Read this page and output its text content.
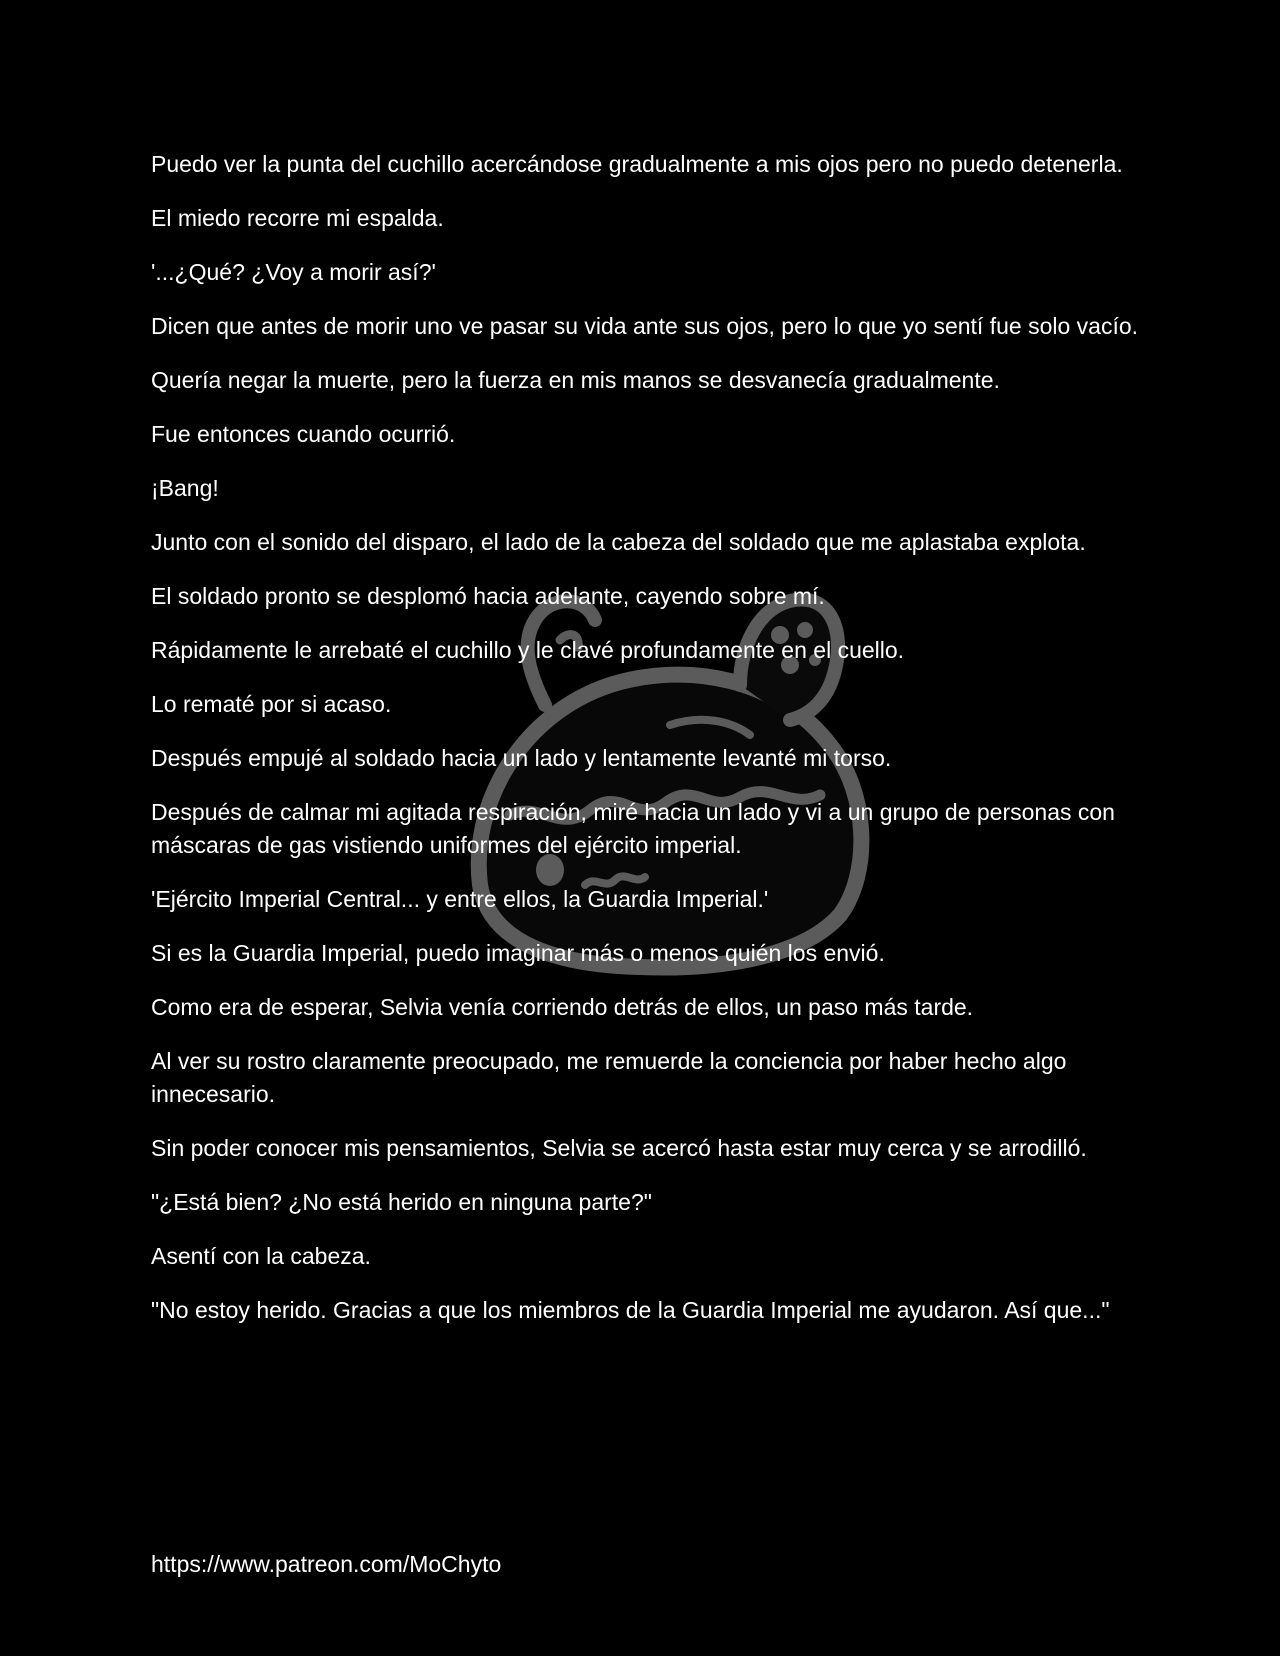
Puedo ver la punta del cuchillo acercándose gradualmente a mis ojos pero no puedo detenerla.

El miedo recorre mi espalda.

'...¿Qué? ¿Voy a morir así?'

Dicen que antes de morir uno ve pasar su vida ante sus ojos, pero lo que yo sentí fue solo vacío.

Quería negar la muerte, pero la fuerza en mis manos se desvanecía gradualmente.

Fue entonces cuando ocurrió.

¡Bang!

Junto con el sonido del disparo, el lado de la cabeza del soldado que me aplastaba explota.

El soldado pronto se desplomó hacia adelante, cayendo sobre mí.

Rápidamente le arrebaté el cuchillo y le clavé profundamente en el cuello.

Lo rematé por si acaso.

Después empujé al soldado hacia un lado y lentamente levanté mi torso.

Después de calmar mi agitada respiración, miré hacia un lado y vi a un grupo de personas con máscaras de gas vistiendo uniformes del ejército imperial.

'Ejército Imperial Central... y entre ellos, la Guardia Imperial.'

Si es la Guardia Imperial, puedo imaginar más o menos quién los envió.

Como era de esperar, Selvia venía corriendo detrás de ellos, un paso más tarde.

Al ver su rostro claramente preocupado, me remuerde la conciencia por haber hecho algo innecesario.

Sin poder conocer mis pensamientos, Selvia se acercó hasta estar muy cerca y se arrodilló.

"¿Está bien? ¿No está herido en ninguna parte?"

Asentí con la cabeza.

"No estoy herido. Gracias a que los miembros de la Guardia Imperial me ayudaron. Así que..."

https://www.patreon.com/MoChyto
